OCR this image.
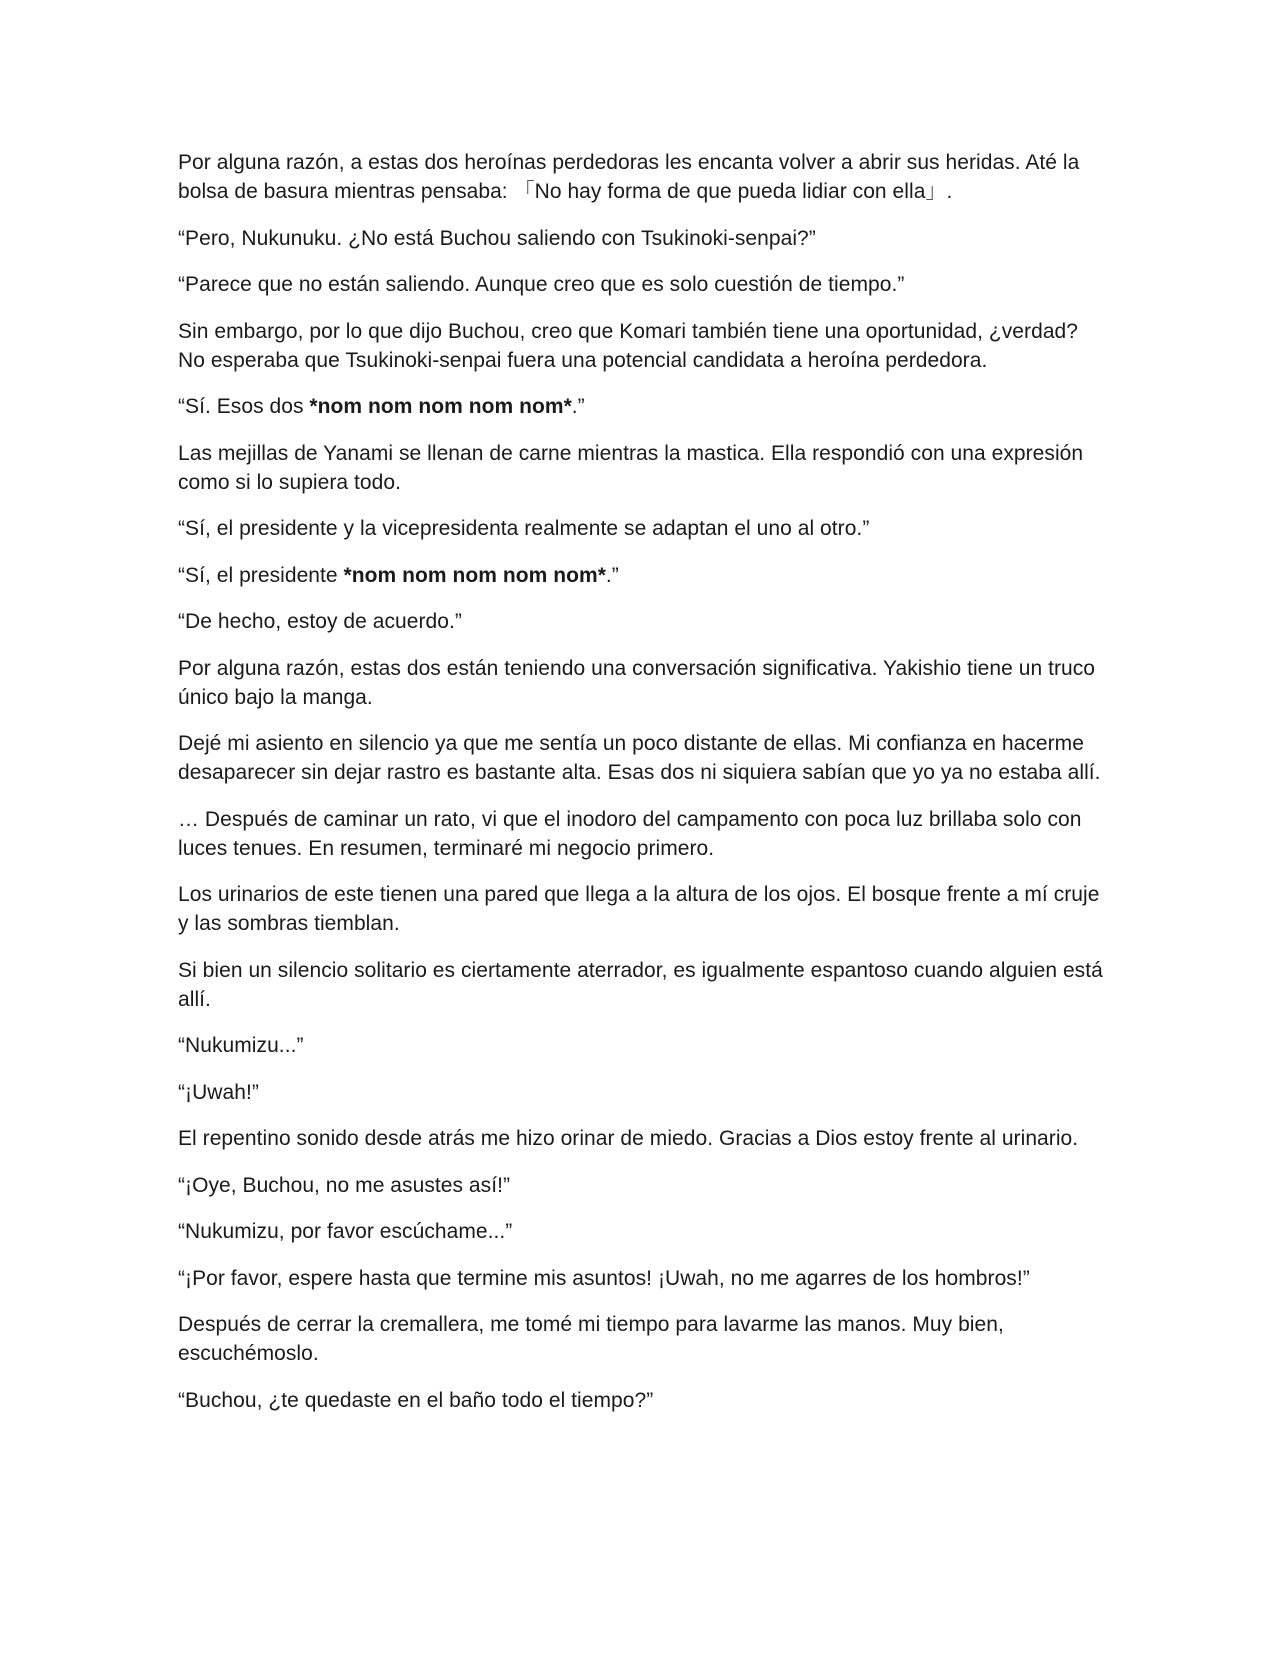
Por alguna razón, a estas dos heroínas perdedoras les encanta volver a abrir sus heridas. Até la bolsa de basura mientras pensaba: 「No hay forma de que pueda lidiar con ella」.

“Pero, Nukunuku. ¿No está Buchou saliendo con Tsukinoki-senpai?”

“Parece que no están saliendo. Aunque creo que es solo cuestión de tiempo.”

Sin embargo, por lo que dijo Buchou, creo que Komari también tiene una oportunidad, ¿verdad? No esperaba que Tsukinoki-senpai fuera una potencial candidata a heroína perdedora.

“Sí. Esos dos *nom nom nom nom nom*.”

Las mejillas de Yanami se llenan de carne mientras la mastica. Ella respondió con una expresión como si lo supiera todo.

“Sí, el presidente y la vicepresidenta realmente se adaptan el uno al otro.”

“Sí, el presidente *nom nom nom nom nom*.”

“De hecho, estoy de acuerdo.”

Por alguna razón, estas dos están teniendo una conversación significativa. Yakishio tiene un truco único bajo la manga.

Dejé mi asiento en silencio ya que me sentía un poco distante de ellas. Mi confianza en hacerme desaparecer sin dejar rastro es bastante alta. Esas dos ni siquiera sabían que yo ya no estaba allí.

… Después de caminar un rato, vi que el inodoro del campamento con poca luz brillaba solo con luces tenues. En resumen, terminaré mi negocio primero.

Los urinarios de este tienen una pared que llega a la altura de los ojos. El bosque frente a mí cruje y las sombras tiemblan.

Si bien un silencio solitario es ciertamente aterrador, es igualmente espantoso cuando alguien está allí.

“Nukumizu...”

“¡Uwah!”

El repentino sonido desde atrás me hizo orinar de miedo. Gracias a Dios estoy frente al urinario.

“¡Oye, Buchou, no me asustes así!”

“Nukumizu, por favor escúchame...”

“¡Por favor, espere hasta que termine mis asuntos! ¡Uwah, no me agarres de los hombros!”

Después de cerrar la cremallera, me tomé mi tiempo para lavarme las manos. Muy bien, escuchémoslo.

“Buchou, ¿te quedaste en el baño todo el tiempo?”
